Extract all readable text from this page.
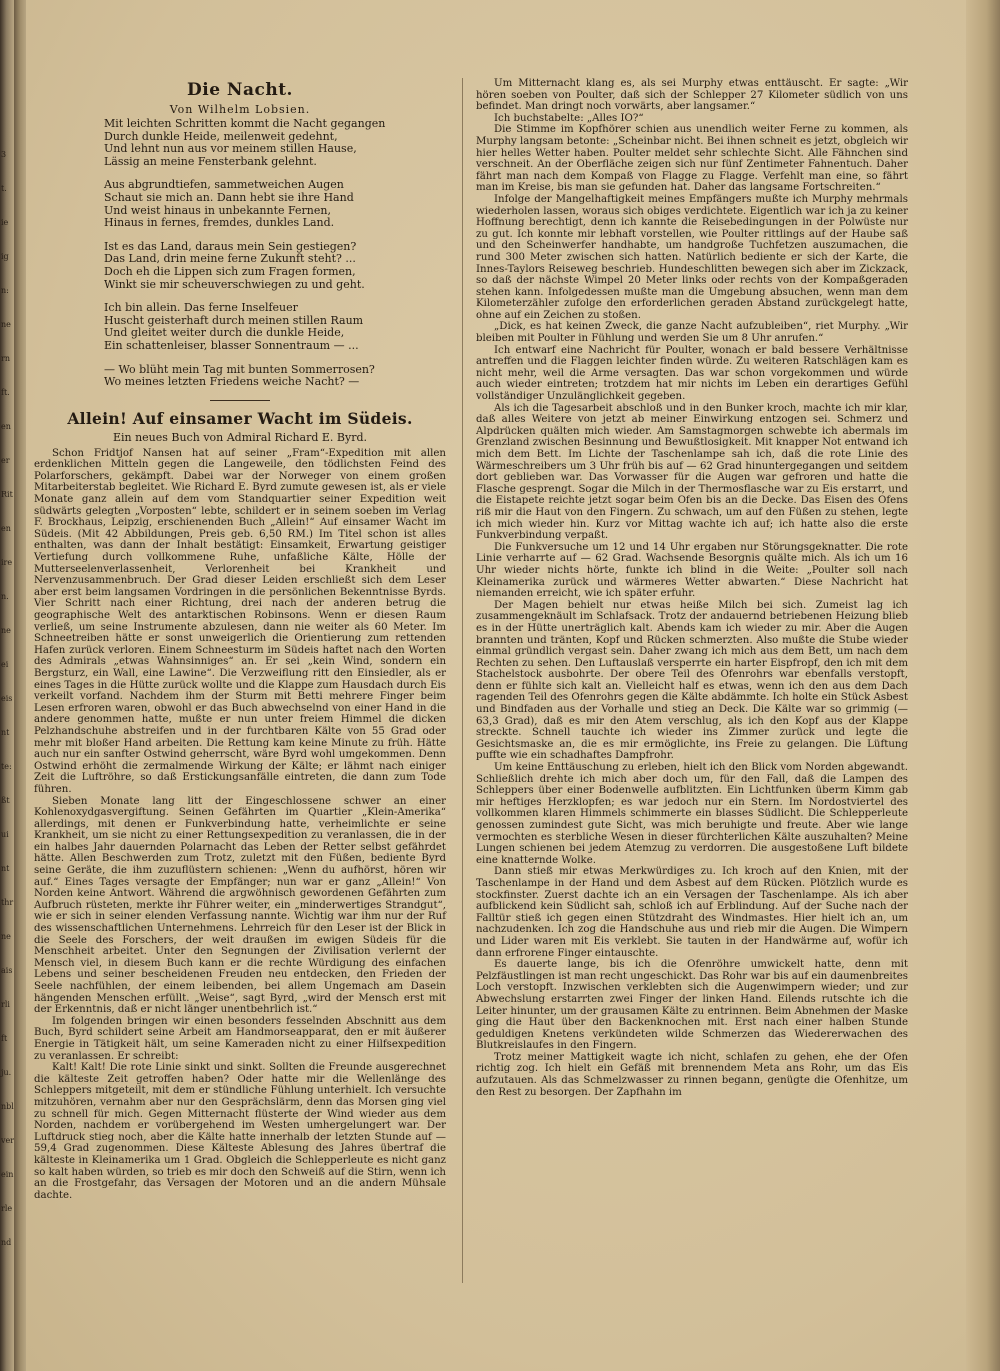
3
t.
ie
ig
n:
ne
rn
ft.
en
er
Rit
en
ire
n.
ne
ei
eis
nt
te:
ßt
ui
nt
thr
ne
ais
rli
ft
ju.
nbl
ver
ein
rle
nd
Die Nacht.
Von Wilhelm Lobsien.
Mit leichten Schritten kommt die Nacht gegangen
Durch dunkle Heide, meilenweit gedehnt,
Und lehnt nun aus vor meinem stillen Hause,
Lässig an meine Fensterbank gelehnt.
Aus abgrundtiefen, sammetweichen Augen
Schaut sie mich an. Dann hebt sie ihre Hand
Und weist hinaus in unbekannte Fernen,
Hinaus in fernes, fremdes, dunkles Land.
Ist es das Land, daraus mein Sein gestiegen?
Das Land, drin meine ferne Zukunft steht? ...
Doch eh die Lippen sich zum Fragen formen,
Winkt sie mir scheuverschwiegen zu und geht.
Ich bin allein. Das ferne Inselfeuer
Huscht geisterhaft durch meinen stillen Raum
Und gleitet weiter durch die dunkle Heide,
Ein schattenleiser, blasser Sonnentraum — ...
— Wo blüht mein Tag mit bunten Sommerrosen?
Wo meines letzten Friedens weiche Nacht? —
Allein! Auf einsamer Wacht im Südeis.
Ein neues Buch von Admiral Richard E. Byrd.

Schon Fridtjof Nansen hat auf seiner „Fram“-Expedition mit allen erdenklichen Mitteln gegen die Langeweile, den tödlichsten Feind des Polarforschers, gekämpft. Dabei war der Norweger von einem großen Mitarbeiterstab begleitet. Wie Richard E. Byrd zumute gewesen ist, als er viele Monate ganz allein auf dem vom Standquartier seiner Expedition weit südwärts gelegten „Vorposten“ lebte, schildert er in seinem soeben im Verlag F. Brockhaus, Leipzig, erschienenden Buch „Allein!“ Auf einsamer Wacht im Südeis. (Mit 42 Abbildungen, Preis geb. 6,50 RM.) Im Titel schon ist alles enthalten, was dann der Inhalt bestätigt: Einsamkeit, Erwartung geistiger Vertiefung durch vollkommene Ruhe, unfaßliche Kälte, Hölle der Mutterseelenverlassenheit, Verlorenheit bei Krankheit und Nervenzusammenbruch. Der Grad dieser Leiden erschließt sich dem Leser aber erst beim langsamen Vordringen in die persönlichen Bekenntnisse Byrds. Vier Schritt nach einer Richtung, drei nach der anderen betrug die geographische Welt des antarktischen Robinsons. Wenn er diesen Raum verließ, um seine Instrumente abzulesen, dann nie weiter als 60 Meter. Im Schneetreiben hätte er sonst unweigerlich die Orientierung zum rettenden Hafen zurück verloren. Einem Schneesturm im Südeis haftet nach den Worten des Admirals „etwas Wahnsinniges“ an. Er sei „kein Wind, sondern ein Bergsturz, ein Wall, eine Lawine“. Die Verzweiflung ritt den Einsiedler, als er eines Tages in die Hütte zurück wollte und die Klappe zum Hausdach durch Eis verkeilt vorfand. Nachdem ihm der Sturm mit Betti mehrere Finger beim Lesen erfroren waren, obwohl er das Buch abwechselnd von einer Hand in die andere genommen hatte, mußte er nun unter freiem Himmel die dicken Pelzhandschuhe abstreifen und in der furchtbaren Kälte von 55 Grad oder mehr mit bloßer Hand arbeiten. Die Rettung kam keine Minute zu früh. Hätte auch nur ein sanfter Ostwind geherrscht, wäre Byrd wohl umgekommen. Denn Ostwind erhöht die zermalmende Wirkung der Kälte; er lähmt nach einiger Zeit die Luftröhre, so daß Erstickungsanfälle eintreten, die dann zum Tode führen.

Sieben Monate lang litt der Eingeschlossene schwer an einer Kohlenoxydgasvergiftung. Seinen Gefährten im Quartier „Klein-Amerika“ allerdings, mit denen er Funkverbindung hatte, verheimlichte er seine Krankheit, um sie nicht zu einer Rettungsexpedition zu veranlassen, die in der ein halbes Jahr dauernden Polarnacht das Leben der Retter selbst gefährdet hätte. Allen Beschwerden zum Trotz, zuletzt mit den Füßen, bediente Byrd seine Geräte, die ihm zuzuflüstern schienen: „Wenn du aufhörst, hören wir auf.“ Eines Tages versagte der Empfänger; nun war er ganz „Allein!“ Von Norden keine Antwort. Während die argwöhnisch gewordenen Gefährten zum Aufbruch rüsteten, merkte ihr Führer weiter, ein „minderwertiges Strandgut“, wie er sich in seiner elenden Verfassung nannte. Wichtig war ihm nur der Ruf des wissenschaftlichen Unternehmens. Lehrreich für den Leser ist der Blick in die Seele des Forschers, der weit draußen im ewigen Südeis für die Menschheit arbeitet. Unter den Segnungen der Zivilisation verlernt der Mensch viel, in diesem Buch kann er die rechte Würdigung des einfachen Lebens und seiner bescheidenen Freuden neu entdecken, den Frieden der Seele nachfühlen, der einem leibenden, bei allem Ungemach am Dasein hängenden Menschen erfüllt. „Weise“, sagt Byrd, „wird der Mensch erst mit der Erkenntnis, daß er nicht länger unentbehrlich ist.“

Im folgenden bringen wir einen besonders fesselnden Abschnitt aus dem Buch, Byrd schildert seine Arbeit am Handmorseapparat, den er mit äußerer Energie in Tätigkeit hält, um seine Kameraden nicht zu einer Hilfsexpedition zu veranlassen. Er schreibt:

Kalt! Kalt! Die rote Linie sinkt und sinkt. Sollten die Freunde ausgerechnet die kälteste Zeit getroffen haben? Oder hatte mir die Wellenlänge des Schleppers mitgeteilt, mit dem er stündliche Fühlung unterhielt. Ich versuchte mitzuhören, vernahm aber nur den Gesprächslärm, denn das Morsen ging viel zu schnell für mich. Gegen Mitternacht flüsterte der Wind wieder aus dem Norden, nachdem er vorübergehend im Westen umhergelungert war. Der Luftdruck stieg noch, aber die Kälte hatte innerhalb der letzten Stunde auf — 59,4 Grad zugenommen. Diese Kälteste Ablesung des Jahres übertraf die kälteste in Kleinamerika um 1 Grad. Obgleich die Schlepperleute es nicht ganz so kalt haben würden, so trieb es mir doch den Schweiß auf die Stirn, wenn ich an die Frostgefahr, das Versagen der Motoren und an die andern Mühsale dachte.

Um Mitternacht klang es, als sei Murphy etwas enttäuscht. Er sagte: „Wir hören soeben von Poulter, daß sich der Schlepper 27 Kilometer südlich von uns befindet. Man dringt noch vorwärts, aber langsamer.“

Ich buchstabelte: „Alles IO?“

Die Stimme im Kopfhörer schien aus unendlich weiter Ferne zu kommen, als Murphy langsam betonte: „Scheinbar nicht. Bei ihnen schneit es jetzt, obgleich wir hier helles Wetter haben. Poulter meldet sehr schlechte Sicht. Alle Fähnchen sind verschneit. An der Oberfläche zeigen sich nur fünf Zentimeter Fahnentuch. Daher fährt man nach dem Kompaß von Flagge zu Flagge. Verfehlt man eine, so fährt man im Kreise, bis man sie gefunden hat. Daher das langsame Fortschreiten.“

Infolge der Mangelhaftigkeit meines Empfängers mußte ich Murphy mehrmals wiederholen lassen, woraus sich obiges verdichtete. Eigentlich war ich ja zu keiner Hoffnung berechtigt, denn ich kannte die Reisebedingungen in der Polwüste nur zu gut. Ich konnte mir lebhaft vorstellen, wie Poulter rittlings auf der Haube saß und den Scheinwerfer handhabte, um handgroße Tuchfetzen auszumachen, die rund 300 Meter zwischen sich hatten. Natürlich bediente er sich der Karte, die Innes-Taylors Reiseweg beschrieb. Hundeschlitten bewegen sich aber im Zickzack, so daß der nächste Wimpel 20 Meter links oder rechts von der Kompaßgeraden stehen kann. Infolgedessen mußte man die Umgebung absuchen, wenn man dem Kilometerzähler zufolge den erforderlichen geraden Abstand zurückgelegt hatte, ohne auf ein Zeichen zu stoßen.

„Dick, es hat keinen Zweck, die ganze Nacht aufzubleiben“, riet Murphy. „Wir bleiben mit Poulter in Fühlung und werden Sie um 8 Uhr anrufen.“

Ich entwarf eine Nachricht für Poulter, wonach er bald bessere Verhältnisse antreffen und die Flaggen leichter finden würde. Zu weiteren Ratschlägen kam es nicht mehr, weil die Arme versagten. Das war schon vorgekommen und würde auch wieder eintreten; trotzdem hat mir nichts im Leben ein derartiges Gefühl vollständiger Unzulänglichkeit gegeben.

Als ich die Tagesarbeit abschloß und in den Bunker kroch, machte ich mir klar, daß alles Weitere von jetzt ab meiner Einwirkung entzogen sei. Schmerz und Alpdrücken quälten mich wieder. Am Samstagmorgen schwebte ich abermals im Grenzland zwischen Besinnung und Bewußtlosigkeit. Mit knapper Not entwand ich mich dem Bett. Im Lichte der Taschenlampe sah ich, daß die rote Linie des Wärmeschreibers um 3 Uhr früh bis auf — 62 Grad hinuntergegangen und seitdem dort geblieben war. Das Vorwasser für die Augen war gefroren und hatte die Flasche gesprengt. Sogar die Milch in der Thermosflasche war zu Eis erstarrt, und die Eistapete reichte jetzt sogar beim Ofen bis an die Decke. Das Eisen des Ofens riß mir die Haut von den Fingern. Zu schwach, um auf den Füßen zu stehen, legte ich mich wieder hin. Kurz vor Mittag wachte ich auf; ich hatte also die erste Funkverbindung verpaßt.

Die Funkversuche um 12 und 14 Uhr ergaben nur Störungsgeknatter. Die rote Linie verharrte auf — 62 Grad. Wachsende Besorgnis quälte mich. Als ich um 16 Uhr wieder nichts hörte, funkte ich blind in die Weite: „Poulter soll nach Kleinamerika zurück und wärmeres Wetter abwarten.“ Diese Nachricht hat niemanden erreicht, wie ich später erfuhr.

Der Magen behielt nur etwas heiße Milch bei sich. Zumeist lag ich zusammengeknäult im Schlafsack. Trotz der andauernd betriebenen Heizung blieb es in der Hütte unerträglich kalt. Abends kam ich wieder zu mir. Aber die Augen brannten und tränten, Kopf und Rücken schmerzten. Also mußte die Stube wieder einmal gründlich vergast sein. Daher zwang ich mich aus dem Bett, um nach dem Rechten zu sehen. Den Luftauslaß versperrte ein harter Eispfropf, den ich mit dem Stachelstock ausbohrte. Der obere Teil des Ofenrohrs war ebenfalls verstopft, denn er fühlte sich kalt an. Vielleicht half es etwas, wenn ich den aus dem Dach ragenden Teil des Ofenrohrs gegen die Kälte abdämmte. Ich holte ein Stück Asbest und Bindfaden aus der Vorhalle und stieg an Deck. Die Kälte war so grimmig (— 63,3 Grad), daß es mir den Atem verschlug, als ich den Kopf aus der Klappe streckte. Schnell tauchte ich wieder ins Zimmer zurück und legte die Gesichtsmaske an, die es mir ermöglichte, ins Freie zu gelangen. Die Lüftung puffte wie ein schadhaftes Dampfrohr.

Um keine Enttäuschung zu erleben, hielt ich den Blick vom Norden abgewandt. Schließlich drehte ich mich aber doch um, für den Fall, daß die Lampen des Schleppers über einer Bodenwelle aufblitzten. Ein Lichtfunken überm Kimm gab mir heftiges Herzklopfen; es war jedoch nur ein Stern. Im Nordostviertel des vollkommen klaren Himmels schimmerte ein blasses Südlicht. Die Schlepperleute genossen zumindest gute Sicht, was mich beruhigte und freute. Aber wie lange vermochten es sterbliche Wesen in dieser fürchterlichen Kälte auszuhalten? Meine Lungen schienen bei jedem Atemzug zu verdorren. Die ausgestoßene Luft bildete eine knatternde Wolke.

Dann stieß mir etwas Merkwürdiges zu. Ich kroch auf den Knien, mit der Taschenlampe in der Hand und dem Asbest auf dem Rücken. Plötzlich wurde es stockfinster. Zuerst dachte ich an ein Versagen der Taschenlampe. Als ich aber aufblickend kein Südlicht sah, schloß ich auf Erblindung. Auf der Suche nach der Falltür stieß ich gegen einen Stützdraht des Windmastes. Hier hielt ich an, um nachzudenken. Ich zog die Handschuhe aus und rieb mir die Augen. Die Wimpern und Lider waren mit Eis verklebt. Sie tauten in der Handwärme auf, wofür ich dann erfrorene Finger eintauschte.

Es dauerte lange, bis ich die Ofenröhre umwickelt hatte, denn mit Pelzfäustlingen ist man recht ungeschickt. Das Rohr war bis auf ein daumenbreites Loch verstopft. Inzwischen verklebten sich die Augenwimpern wieder; und zur Abwechslung erstarrten zwei Finger der linken Hand. Eilends rutschte ich die Leiter hinunter, um der grausamen Kälte zu entrinnen. Beim Abnehmen der Maske ging die Haut über den Backenknochen mit. Erst nach einer halben Stunde geduldigen Knetens verkündeten wilde Schmerzen das Wiedererwachen des Blutkreislaufes in den Fingern.

Trotz meiner Mattigkeit wagte ich nicht, schlafen zu gehen, ehe der Ofen richtig zog. Ich hielt ein Gefäß mit brennendem Meta ans Rohr, um das Eis aufzutauen. Als das Schmelzwasser zu rinnen begann, genügte die Ofenhitze, um den Rest zu besorgen. Der Zapfhahn im
